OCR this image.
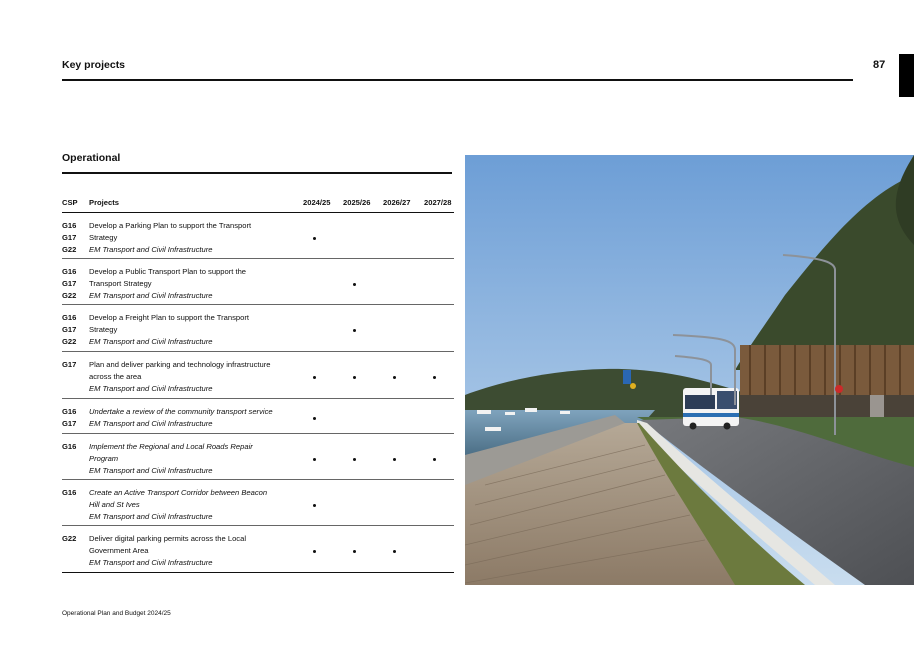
Key projects	87
Operational
CSP Projects	2024/25 2025/26 2026/27 2027/28
G16
G17
G22
Develop a Parking Plan to support the Transport
Strategy
EM Transport and Civil Infrastructure
G16
G17
G22
Develop a Public Transport Plan to support the
Transport Strategy
EM Transport and Civil Infrastructure
G16
G17
G22
Develop a Freight Plan to support the Transport
Strategy
EM Transport and Civil Infrastructure
G17 Plan and deliver parking and technology infrastructure
across the area
EM Transport and Civil Infrastructure
G16
G17
Undertake a review of the community transport service
EM Transport and Civil Infrastructure
G16 Implement the Regional and Local Roads Repair
Program
EM Transport and Civil Infrastructure
G16 Create an Active Transport Corridor between Beacon
Hill and St Ives
EM Transport and Civil Infrastructure
G22 Deliver digital parking permits across the Local
Government Area
EM Transport and Civil Infrastructure
Operational Plan and Budget 2024/25
